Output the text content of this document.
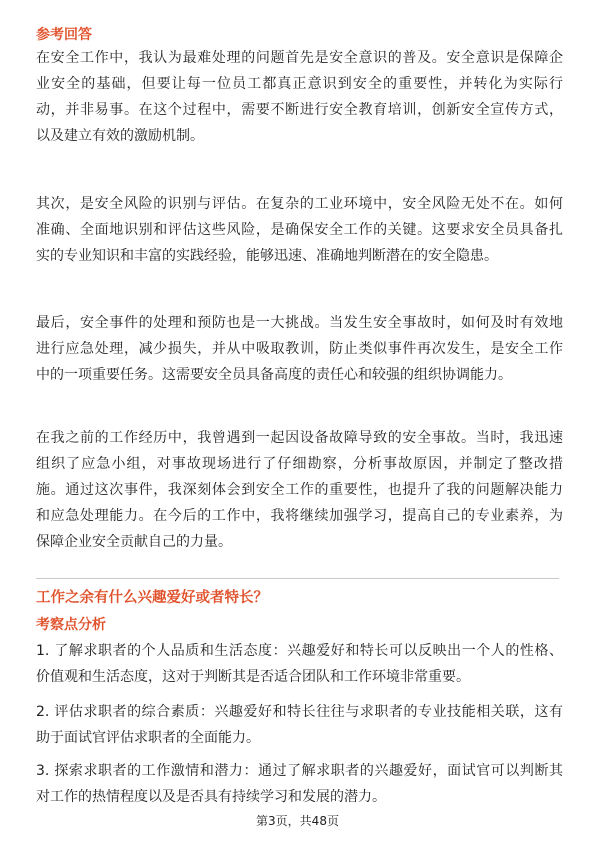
参考回答
在安全工作中，我认为最难处理的问题首先是安全意识的普及。安全意识是保障企
业安全的基础，但要让每一位员工都真正意识到安全的重要性，并转化为实际行
动，并非易事。在这个过程中，需要不断进行安全教育培训，创新安全宣传方式，
以及建立有效的激励机制。
其次，是安全风险的识别与评估。在复杂的工业环境中，安全风险无处不在。如何
准确、全面地识别和评估这些风险，是确保安全工作的关键。这要求安全员具备扎
实的专业知识和丰富的实践经验，能够迅速、准确地判断潜在的安全隐患。
最后，安全事件的处理和预防也是一大挑战。当发生安全事故时，如何及时有效地
进行应急处理，减少损失，并从中吸取教训，防止类似事件再次发生，是安全工作
中的一项重要任务。这需要安全员具备高度的责任心和较强的组织协调能力。
在我之前的工作经历中，我曾遇到一起因设备故障导致的安全事故。当时，我迅速
组织了应急小组，对事故现场进行了仔细勘察，分析事故原因，并制定了整改措
施。通过这次事件，我深刻体会到安全工作的重要性，也提升了我的问题解决能力
和应急处理能力。在今后的工作中，我将继续加强学习，提高自己的专业素养，为
保障企业安全贡献自己的力量。
工作之余有什么兴趣爱好或者特长？
考察点分析
1. 了解求职者的个人品质和生活态度：兴趣爱好和特长可以反映出一个人的性格、
价值观和生活态度，这对于判断其是否适合团队和工作环境非常重要。
2. 评估求职者的综合素质：兴趣爱好和特长往往与求职者的专业技能相关联，这有
助于面试官评估求职者的全面能力。
3. 探索求职者的工作激情和潜力：通过了解求职者的兴趣爱好，面试官可以判断其
对工作的热情程度以及是否具有持续学习和发展的潜力。
第3页，共48页
